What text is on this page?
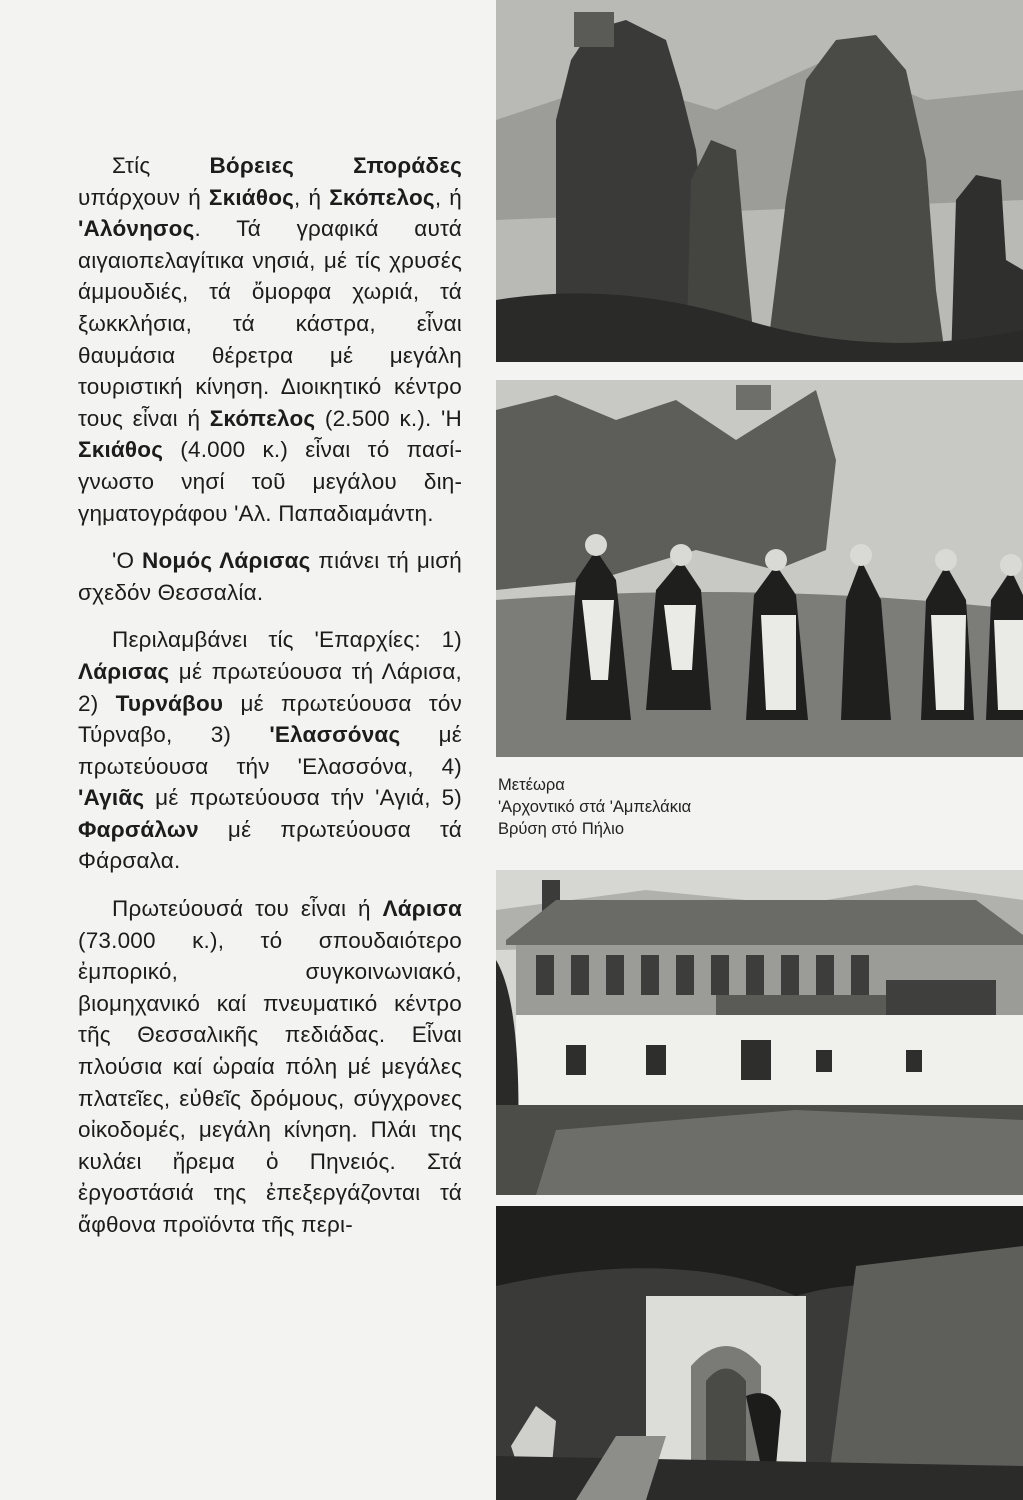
Στίς Βόρειες Σποράδες υπάρχουν ή Σκιάθος, ή Σκόπελος, ή 'Αλόνησος. Τά γραφικά αυτά αιγαιοπελαγίτικα νησιά, μέ τίς χρυσές άμμουδιές, τά ὄμορφα χωριά, τά ξωκκλήσια, τά κάστρα, εἶναι θαυμάσια θέρετρα μέ μεγάλη τουριστική κίνηση. Διοικητικό κέντρο τους εἶναι ή Σκόπελος (2.500 κ.). 'Η Σκιάθος (4.000 κ.) εἶναι τό πασίγνωστο νησί τοῦ μεγάλου διηγηματογράφου 'Αλ. Παπαδιαμάντη.

'Ο Νομός Λάρισας πιάνει τή μισή σχεδόν Θεσσαλία.

Περιλαμβάνει τίς 'Επαρχίες: 1) Λάρισας μέ πρωτεύουσα τή Λάρισα, 2) Τυρνάβου μέ πρωτεύουσα τόν Τύρναβο, 3) 'Ελασσόνας μέ πρωτεύουσα τήν 'Ελασσόνα, 4) 'Αγιᾶς μέ πρωτεύουσα τήν 'Αγιά, 5) Φαρσάλων μέ πρωτεύουσα τά Φάρσαλα.

Πρωτεύουσά του εἶναι ή Λάρισα (73.000 κ.), τό σπουδαιότερο ἐμπορικό, συγκοινωνιακό, βιομηχανικό καί πνευματικό κέντρο τῆς Θεσσαλικῆς πεδιάδας. Εἶναι πλούσια καί ὡραία πόλη μέ μεγάλες πλατεῖες, εὐθεῖς δρόμους, σύγχρονες οἰκοδομές, μεγάλη κίνηση. Πλάι της κυλάει ἤρεμα ὁ Πηνειός. Στά ἐργοστάσιά της ἐπεξεργάζονται τά ἄφθονα προϊόντα τῆς περι-

Μετέωρα
'Αρχοντικό στά 'Αμπελάκια
Βρύση στό Πήλιο
